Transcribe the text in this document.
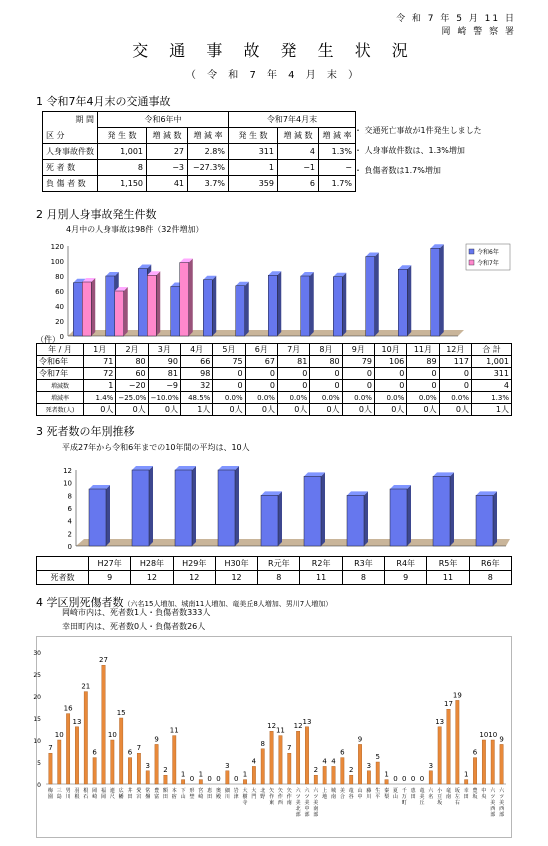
令 和 7 年 5 月 11 日
岡 崎 警 察 署
交 通 事 故 発 生 状 況
（ 令 和 7 年 4 月 末 ）
1 令和7年4月末の交通事故
期 間	令和6年中			令和7年4月末		
区 分	発 生 数	増 減 数	増 減 率	発 生 数	増 減 数	増 減 率
人身事故件数	1,001	27	2.8%	311	4	1.3%
死 者 数	8	−3	−27.3%	1	−1	−
負 傷 者 数	1,150	41	3.7%	359	6	1.7%
・ 交通死亡事故が1件発生しました
・ 人身事故件数は、1.3%増加
・ 負傷者数は1.7%増加
2 月別人身事故発生件数
4月中の人身事故は98件（32件増加）
0
20
40
60
80
100
120
令和6年
令和7年
（件）
年 / 月	1月	2月	3月	4月	5月	6月	7月	8月	9月	10月	11月	12月	合 計
令和6年	71	80	90	66	75	67	81	80	79	106	89	117	1,001
令和7年	72	60	81	98	0	0	0	0	0	0	0	0	311
増減数	1	−20	−9	32	0	0	0	0	0	0	0	0	4
増減率	1.4%	−25.0%	−10.0%	48.5%	0.0%	0.0%	0.0%	0.0%	0.0%	0.0%	0.0%	0.0%	1.3%
死者数(人)	0人	0人	0人	1人	0人	0人	0人	0人	0人	0人	0人	0人	1人
3 死者数の年別推移
平成27年から令和6年までの10年間の平均は、10人
0
2
4
6
8
10
12
	H27年	H28年	H29年	H30年	R元年	R2年	R3年	R4年	R5年	R6年
死者数	9	12	12	12	8	11	8	9	11	8
4 学区別死傷者数（六名15人増加、城南11人増加、竜美丘8人増加、男川7人増加）
岡崎市内は、死者数1人・負傷者数333人
幸田町内は、死者数0人・負傷者数26人
0
5
10
15
20
25
30
7
梅園
10
三島
16
男川
13
羽根
21
根石
6
岡崎
27
福岡
10
連尺
15
広幡
6
井田
7
愛宕
3
常盤
9
豊富
2
額田
11
本宿
1
下山
0
形埜
1
宮崎
0
恵田
0
奥殿
3
細川
0
岩津
1
大樹寺
4
大門
8
北野
12
矢作東
11
矢作西
7
矢作南
12
六ツ美北部
13
六ツ美中部
2
六ツ美南部
4
上地
4
城南
6
美合
2
竜谷
9
山中
3
藤川
5
生平
1
秦梨
0
夏山
0
千万町
0
恵田
0
竜美丘
3
六名
13
小豆坂
17
竜南
19
坂左右
1
幸田
6
豊坂
10
中央
10
六ツ美西部
9
六ツ美西部
